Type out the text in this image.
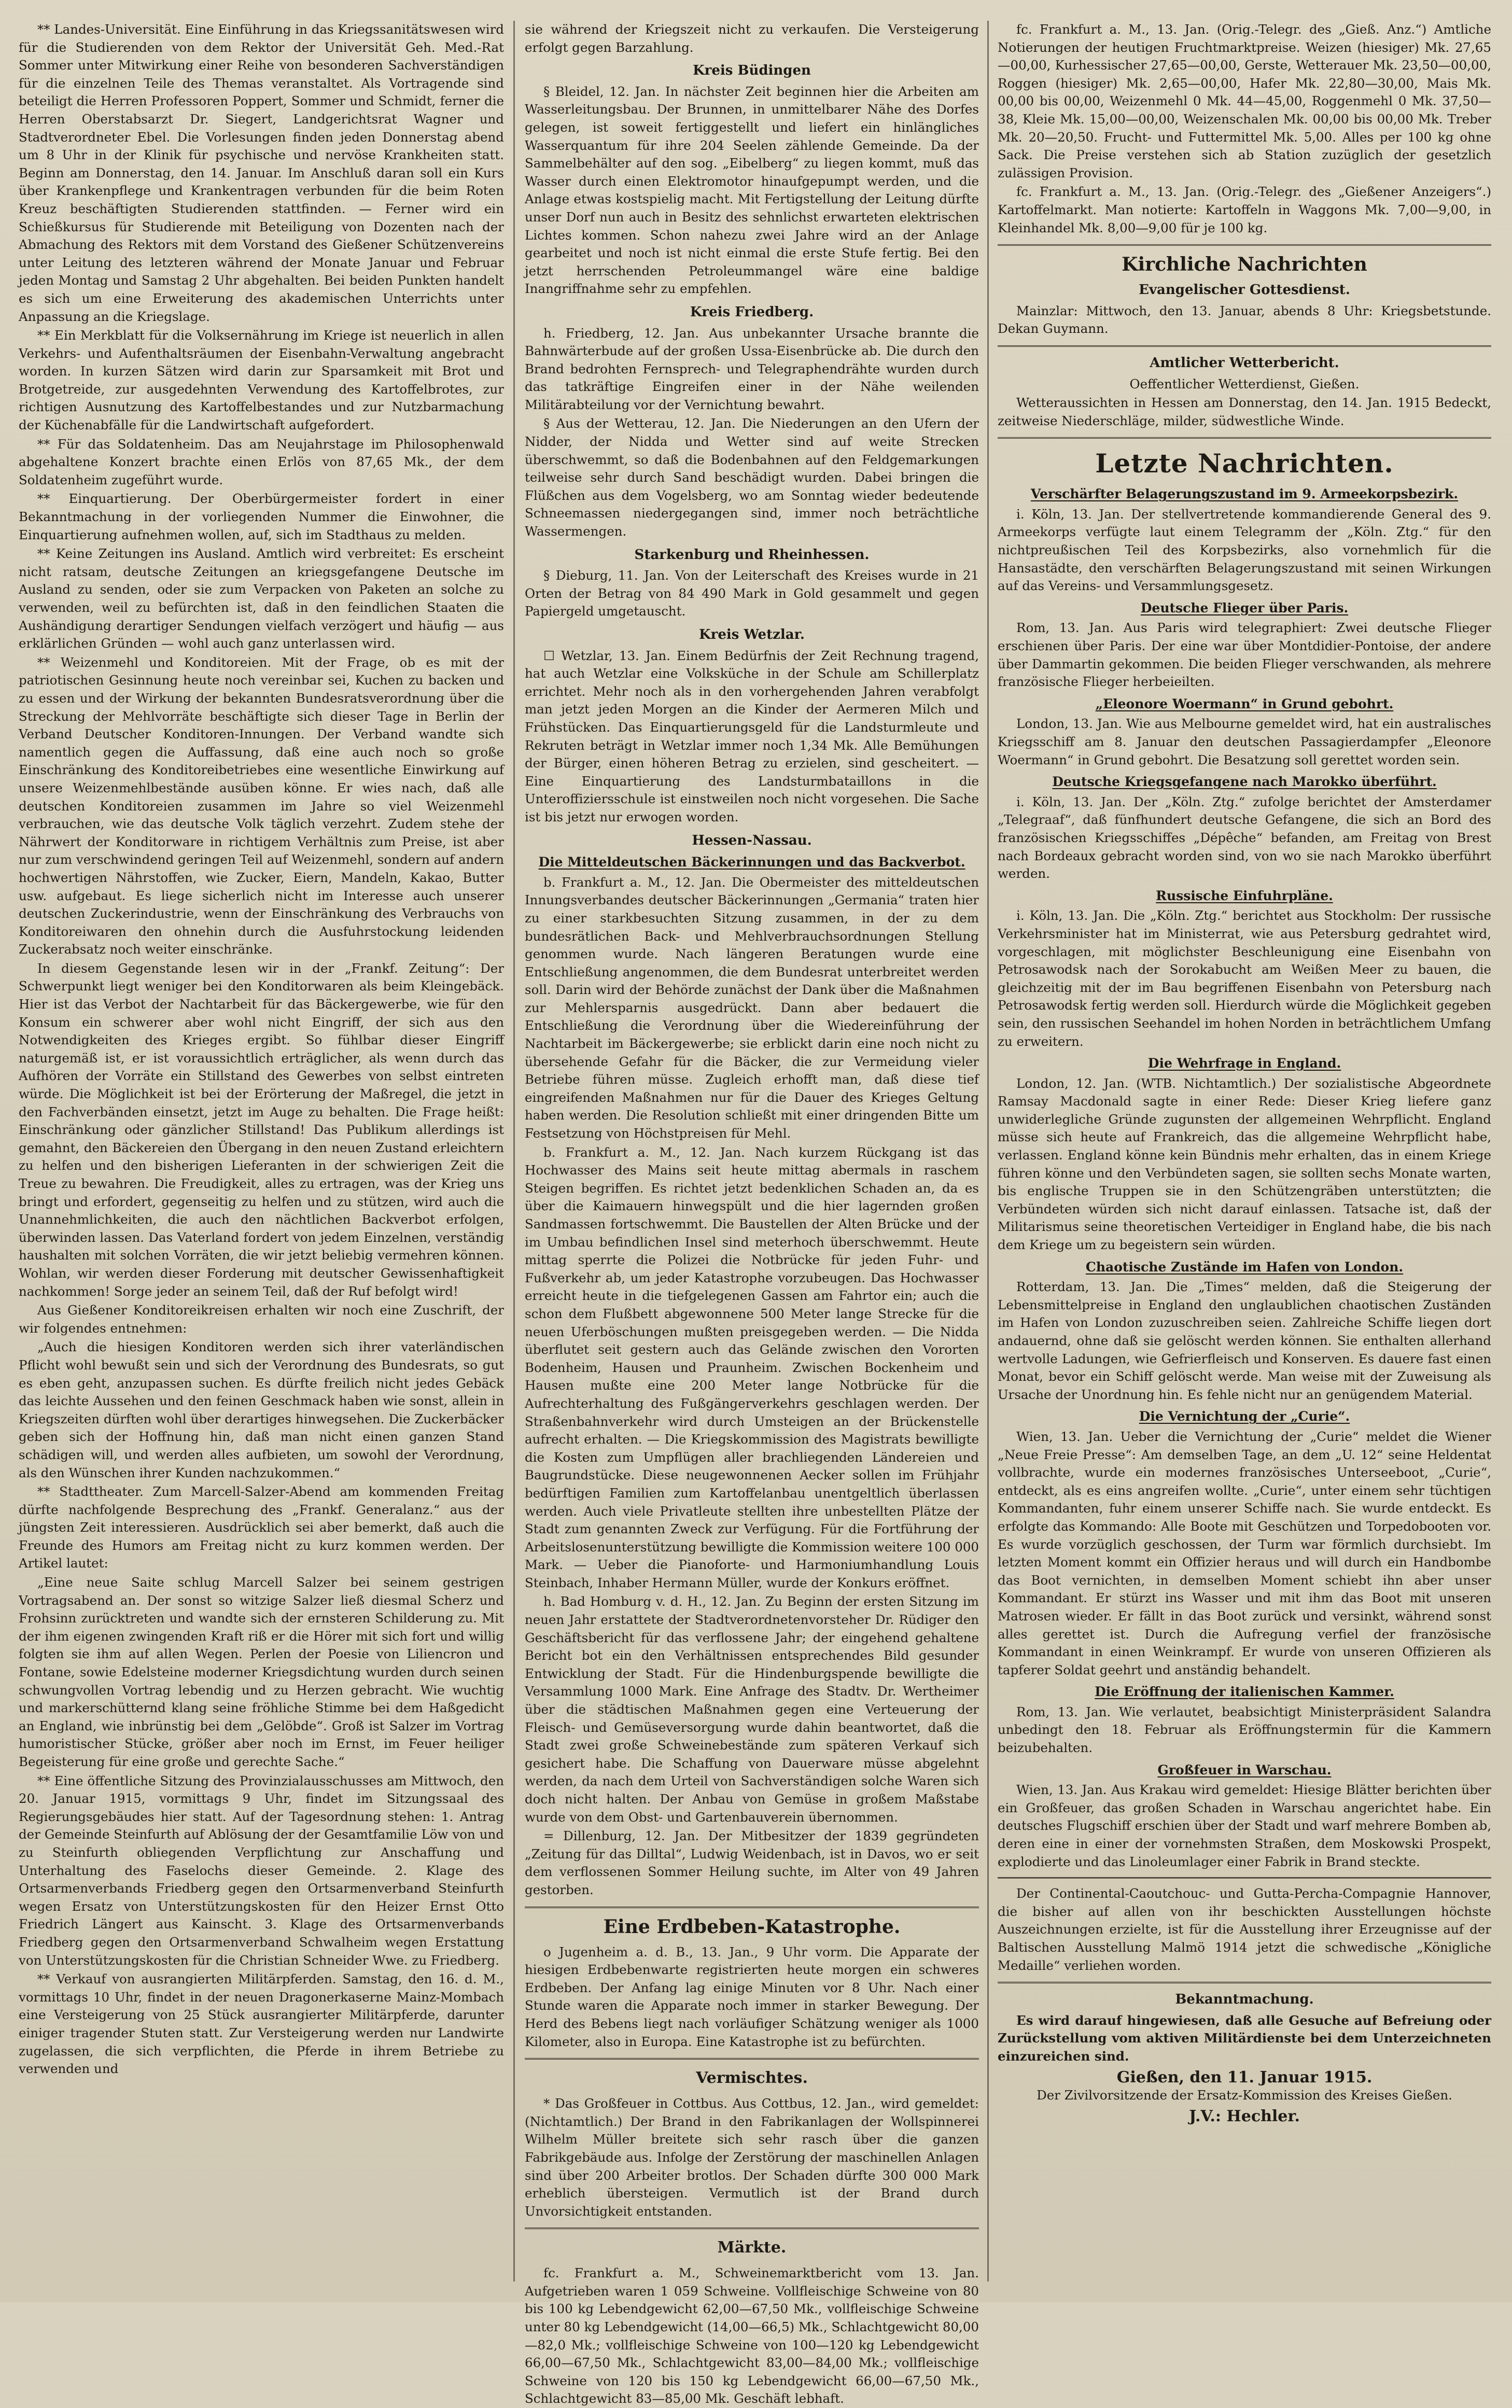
** Landes-Universität. Eine Einführung in das Kriegssanitätswesen wird für die Studierenden von dem Rektor der Universität Geh. Med.-Rat Sommer unter Mitwirkung einer Reihe von besonderen Sachverständigen für die einzelnen Teile des Themas veranstaltet. Als Vortragende sind beteiligt die Herren Professoren Poppert, Sommer und Schmidt, ferner die Herren Oberstabsarzt Dr. Siegert, Landgerichtsrat Wagner und Stadtverordneter Ebel. Die Vorlesungen finden jeden Donnerstag abend um 8 Uhr in der Klinik für psychische und nervöse Krankheiten statt. Beginn am Donnerstag, den 14. Januar. Im Anschluß daran soll ein Kurs über Krankenpflege und Krankentragen verbunden für die beim Roten Kreuz beschäftigten Studierenden stattfinden. — Ferner wird ein Schießkursus für Studierende mit Beteiligung von Dozenten nach der Abmachung des Rektors mit dem Vorstand des Gießener Schützenvereins unter Leitung des letzteren während der Monate Januar und Februar jeden Montag und Samstag 2 Uhr abgehalten. Bei beiden Punkten handelt es sich um eine Erweiterung des akademischen Unterrichts unter Anpassung an die Kriegslage.

** Ein Merkblatt für die Volksernährung im Kriege ist neuerlich in allen Verkehrs- und Aufenthaltsräumen der Eisenbahn-Verwaltung angebracht worden. In kurzen Sätzen wird darin zur Sparsamkeit mit Brot und Brotgetreide, zur ausgedehnten Verwendung des Kartoffelbrotes, zur richtigen Ausnutzung des Kartoffelbestandes und zur Nutzbarmachung der Küchenabfälle für die Landwirtschaft aufgefordert.

** Für das Soldatenheim. Das am Neujahrstage im Philosophenwald abgehaltene Konzert brachte einen Erlös von 87,65 Mk., der dem Soldatenheim zugeführt wurde.

** Einquartierung. Der Oberbürgermeister fordert in einer Bekanntmachung in der vorliegenden Nummer die Einwohner, die Einquartierung aufnehmen wollen, auf, sich im Stadthaus zu melden.

** Keine Zeitungen ins Ausland. Amtlich wird verbreitet: Es erscheint nicht ratsam, deutsche Zeitungen an kriegsgefangene Deutsche im Ausland zu senden, oder sie zum Verpacken von Paketen an solche zu verwenden, weil zu befürchten ist, daß in den feindlichen Staaten die Aushändigung derartiger Sendungen vielfach verzögert und häufig — aus erklärlichen Gründen — wohl auch ganz unterlassen wird.

** Weizenmehl und Konditoreien. Mit der Frage, ob es mit der patriotischen Gesinnung heute noch vereinbar sei, Kuchen zu backen und zu essen und der Wirkung der bekannten Bundesratsverordnung über die Streckung der Mehlvorräte beschäftigte sich dieser Tage in Berlin der Verband Deutscher Konditoren-Innungen. Der Verband wandte sich namentlich gegen die Auffassung, daß eine auch noch so große Einschränkung des Konditoreibetriebes eine wesentliche Einwirkung auf unsere Weizenmehlbestände ausüben könne. Er wies nach, daß alle deutschen Konditoreien zusammen im Jahre so viel Weizenmehl verbrauchen, wie das deutsche Volk täglich verzehrt. Zudem stehe der Nährwert der Konditorware in richtigem Verhältnis zum Preise, ist aber nur zum verschwindend geringen Teil auf Weizenmehl, sondern auf andern hochwertigen Nährstoffen, wie Zucker, Eiern, Mandeln, Kakao, Butter usw. aufgebaut. Es liege sicherlich nicht im Interesse auch unserer deutschen Zuckerindustrie, wenn der Einschränkung des Verbrauchs von Konditoreiwaren den ohnehin durch die Ausfuhrstockung leidenden Zuckerabsatz noch weiter einschränke.

In diesem Gegenstande lesen wir in der „Frankf. Zeitung“: Der Schwerpunkt liegt weniger bei den Konditorwaren als beim Kleingebäck. Hier ist das Verbot der Nachtarbeit für das Bäckergewerbe, wie für den Konsum ein schwerer aber wohl nicht Eingriff, der sich aus den Notwendigkeiten des Krieges ergibt. So fühlbar dieser Eingriff naturgemäß ist, er ist voraussichtlich erträglicher, als wenn durch das Aufhören der Vorräte ein Stillstand des Gewerbes von selbst eintreten würde. Die Möglichkeit ist bei der Erörterung der Maßregel, die jetzt in den Fachverbänden einsetzt, jetzt im Auge zu behalten. Die Frage heißt: Einschränkung oder gänzlicher Stillstand! Das Publikum allerdings ist gemahnt, den Bäckereien den Übergang in den neuen Zustand erleichtern zu helfen und den bisherigen Lieferanten in der schwierigen Zeit die Treue zu bewahren. Die Freudigkeit, alles zu ertragen, was der Krieg uns bringt und erfordert, gegenseitig zu helfen und zu stützen, wird auch die Unannehmlichkeiten, die auch den nächtlichen Backverbot erfolgen, überwinden lassen. Das Vaterland fordert von jedem Einzelnen, verständig haushalten mit solchen Vorräten, die wir jetzt beliebig vermehren können. Wohlan, wir werden dieser Forderung mit deutscher Gewissenhaftigkeit nachkommen! Sorge jeder an seinem Teil, daß der Ruf befolgt wird!

Aus Gießener Konditoreikreisen erhalten wir noch eine Zuschrift, der wir folgendes entnehmen:

„Auch die hiesigen Konditoren werden sich ihrer vaterländischen Pflicht wohl bewußt sein und sich der Verordnung des Bundesrats, so gut es eben geht, anzupassen suchen. Es dürfte freilich nicht jedes Gebäck das leichte Aussehen und den feinen Geschmack haben wie sonst, allein in Kriegszeiten dürften wohl über derartiges hinwegsehen. Die Zuckerbäcker geben sich der Hoffnung hin, daß man nicht einen ganzen Stand schädigen will, und werden alles aufbieten, um sowohl der Verordnung, als den Wünschen ihrer Kunden nachzukommen.“

** Stadttheater. Zum Marcell-Salzer-Abend am kommenden Freitag dürfte nachfolgende Besprechung des „Frankf. Generalanz.“ aus der jüngsten Zeit interessieren. Ausdrücklich sei aber bemerkt, daß auch die Freunde des Humors am Freitag nicht zu kurz kommen werden. Der Artikel lautet:

„Eine neue Saite schlug Marcell Salzer bei seinem gestrigen Vortragsabend an. Der sonst so witzige Salzer ließ diesmal Scherz und Frohsinn zurücktreten und wandte sich der ernsteren Schilderung zu. Mit der ihm eigenen zwingenden Kraft riß er die Hörer mit sich fort und willig folgten sie ihm auf allen Wegen. Perlen der Poesie von Liliencron und Fontane, sowie Edelsteine moderner Kriegsdichtung wurden durch seinen schwungvollen Vortrag lebendig und zu Herzen gebracht. Wie wuchtig und markerschütternd klang seine fröhliche Stimme bei dem Haßgedicht an England, wie inbrünstig bei dem „Gelöbde“. Groß ist Salzer im Vortrag humoristischer Stücke, größer aber noch im Ernst, im Feuer heiliger Begeisterung für eine große und gerechte Sache.“

** Eine öffentliche Sitzung des Provinzialausschusses am Mittwoch, den 20. Januar 1915, vormittags 9 Uhr, findet im Sitzungssaal des Regierungsgebäudes hier statt. Auf der Tagesordnung stehen: 1. Antrag der Gemeinde Steinfurth auf Ablösung der der Gesamtfamilie Löw von und zu Steinfurth obliegenden Verpflichtung zur Anschaffung und Unterhaltung des Faselochs dieser Gemeinde. 2. Klage des Ortsarmenverbands Friedberg gegen den Ortsarmenverband Steinfurth wegen Ersatz von Unterstützungskosten für den Heizer Ernst Otto Friedrich Längert aus Kainscht. 3. Klage des Ortsarmenverbands Friedberg gegen den Ortsarmenverband Schwalheim wegen Erstattung von Unterstützungskosten für die Christian Schneider Wwe. zu Friedberg.

** Verkauf von ausrangierten Militärpferden. Samstag, den 16. d. M., vormittags 10 Uhr, findet in der neuen Dragonerkaserne Mainz-Mombach eine Versteigerung von 25 Stück ausrangierter Militärpferde, darunter einiger tragender Stuten statt. Zur Versteigerung werden nur Landwirte zugelassen, die sich verpflichten, die Pferde in ihrem Betriebe zu verwenden und

sie während der Kriegszeit nicht zu verkaufen. Die Versteigerung erfolgt gegen Barzahlung.

Kreis Büdingen

§ Bleidel, 12. Jan. In nächster Zeit beginnen hier die Arbeiten am Wasserleitungsbau. Der Brunnen, in unmittelbarer Nähe des Dorfes gelegen, ist soweit fertiggestellt und liefert ein hinlängliches Wasserquantum für ihre 204 Seelen zählende Gemeinde. Da der Sammelbehälter auf den sog. „Eibelberg“ zu liegen kommt, muß das Wasser durch einen Elektromotor hinaufgepumpt werden, und die Anlage etwas kostspielig macht. Mit Fertigstellung der Leitung dürfte unser Dorf nun auch in Besitz des sehnlichst erwarteten elektrischen Lichtes kommen. Schon nahezu zwei Jahre wird an der Anlage gearbeitet und noch ist nicht einmal die erste Stufe fertig. Bei den jetzt herrschenden Petroleummangel wäre eine baldige Inangriffnahme sehr zu empfehlen.

Kreis Friedberg.

h. Friedberg, 12. Jan. Aus unbekannter Ursache brannte die Bahnwärterbude auf der großen Ussa-Eisenbrücke ab. Die durch den Brand bedrohten Fernsprech- und Telegraphendrähte wurden durch das tatkräftige Eingreifen einer in der Nähe weilenden Militärabteilung vor der Vernichtung bewahrt.

§ Aus der Wetterau, 12. Jan. Die Niederungen an den Ufern der Nidder, der Nidda und Wetter sind auf weite Strecken überschwemmt, so daß die Bodenbahnen auf den Feldgemarkungen teilweise sehr durch Sand beschädigt wurden. Dabei bringen die Flüßchen aus dem Vogelsberg, wo am Sonntag wieder bedeutende Schneemassen niedergegangen sind, immer noch beträchtliche Wassermengen.

Starkenburg und Rheinhessen.

§ Dieburg, 11. Jan. Von der Leiterschaft des Kreises wurde in 21 Orten der Betrag von 84 490 Mark in Gold gesammelt und gegen Papiergeld umgetauscht.

Kreis Wetzlar.

☐ Wetzlar, 13. Jan. Einem Bedürfnis der Zeit Rechnung tragend, hat auch Wetzlar eine Volksküche in der Schule am Schillerplatz errichtet. Mehr noch als in den vorhergehenden Jahren verabfolgt man jetzt jeden Morgen an die Kinder der Aermeren Milch und Frühstücken. Das Einquartierungsgeld für die Landsturmleute und Rekruten beträgt in Wetzlar immer noch 1,34 Mk. Alle Bemühungen der Bürger, einen höheren Betrag zu erzielen, sind gescheitert. — Eine Einquartierung des Landsturmbataillons in die Unteroffiziersschule ist einstweilen noch nicht vorgesehen. Die Sache ist bis jetzt nur erwogen worden.

Hessen-Nassau.
Die Mitteldeutschen Bäckerinnungen und das Backverbot.

b. Frankfurt a. M., 12. Jan. Die Obermeister des mitteldeutschen Innungsverbandes deutscher Bäckerinnungen „Germania“ traten hier zu einer starkbesuchten Sitzung zusammen, in der zu dem bundesrätlichen Back- und Mehlverbrauchsordnungen Stellung genommen wurde. Nach längeren Beratungen wurde eine Entschließung angenommen, die dem Bundesrat unterbreitet werden soll. Darin wird der Behörde zunächst der Dank über die Maßnahmen zur Mehlersparnis ausgedrückt. Dann aber bedauert die Entschließung die Verordnung über die Wiedereinführung der Nachtarbeit im Bäckergewerbe; sie erblickt darin eine noch nicht zu übersehende Gefahr für die Bäcker, die zur Vermeidung vieler Betriebe führen müsse. Zugleich erhofft man, daß diese tief eingreifenden Maßnahmen nur für die Dauer des Krieges Geltung haben werden. Die Resolution schließt mit einer dringenden Bitte um Festsetzung von Höchstpreisen für Mehl.

b. Frankfurt a. M., 12. Jan. Nach kurzem Rückgang ist das Hochwasser des Mains seit heute mittag abermals in raschem Steigen begriffen. Es richtet jetzt bedenklichen Schaden an, da es über die Kaimauern hinwegspült und die hier lagernden großen Sandmassen fortschwemmt. Die Baustellen der Alten Brücke und der im Umbau befindlichen Insel sind meterhoch überschwemmt. Heute mittag sperrte die Polizei die Notbrücke für jeden Fuhr- und Fußverkehr ab, um jeder Katastrophe vorzubeugen. Das Hochwasser erreicht heute in die tiefgelegenen Gassen am Fahrtor ein; auch die schon dem Flußbett abgewonnene 500 Meter lange Strecke für die neuen Uferböschungen mußten preisgegeben werden. — Die Nidda überflutet seit gestern auch das Gelände zwischen den Vororten Bodenheim, Hausen und Praunheim. Zwischen Bockenheim und Hausen mußte eine 200 Meter lange Notbrücke für die Aufrechterhaltung des Fußgängerverkehrs geschlagen werden. Der Straßenbahnverkehr wird durch Umsteigen an der Brückenstelle aufrecht erhalten. — Die Kriegskommission des Magistrats bewilligte die Kosten zum Umpflügen aller brachliegenden Ländereien und Baugrundstücke. Diese neugewonnenen Aecker sollen im Frühjahr bedürftigen Familien zum Kartoffelanbau unentgeltlich überlassen werden. Auch viele Privatleute stellten ihre unbestellten Plätze der Stadt zum genannten Zweck zur Verfügung. Für die Fortführung der Arbeitslosenunterstützung bewilligte die Kommission weitere 100 000 Mark. — Ueber die Pianoforte- und Harmoniumhandlung Louis Steinbach, Inhaber Hermann Müller, wurde der Konkurs eröffnet.

h. Bad Homburg v. d. H., 12. Jan. Zu Beginn der ersten Sitzung im neuen Jahr erstattete der Stadtverordnetenvorsteher Dr. Rüdiger den Geschäftsbericht für das verflossene Jahr; der eingehend gehaltene Bericht bot ein den Verhältnissen entsprechendes Bild gesunder Entwicklung der Stadt. Für die Hindenburgspende bewilligte die Versammlung 1000 Mark. Eine Anfrage des Stadtv. Dr. Wertheimer über die städtischen Maßnahmen gegen eine Verteuerung der Fleisch- und Gemüseversorgung wurde dahin beantwortet, daß die Stadt zwei große Schweinebestände zum späteren Verkauf sich gesichert habe. Die Schaffung von Dauerware müsse abgelehnt werden, da nach dem Urteil von Sachverständigen solche Waren sich doch nicht halten. Der Anbau von Gemüse in großem Maßstabe wurde von dem Obst- und Gartenbauverein übernommen.

= Dillenburg, 12. Jan. Der Mitbesitzer der 1839 gegründeten „Zeitung für das Dilltal“, Ludwig Weidenbach, ist in Davos, wo er seit dem verflossenen Sommer Heilung suchte, im Alter von 49 Jahren gestorben.

Eine Erdbeben-Katastrophe.

o Jugenheim a. d. B., 13. Jan., 9 Uhr vorm. Die Apparate der hiesigen Erdbebenwarte registrierten heute morgen ein schweres Erdbeben. Der Anfang lag einige Minuten vor 8 Uhr. Nach einer Stunde waren die Apparate noch immer in starker Bewegung. Der Herd des Bebens liegt nach vorläufiger Schätzung weniger als 1000 Kilometer, also in Europa. Eine Katastrophe ist zu befürchten.

Vermischtes.

* Das Großfeuer in Cottbus. Aus Cottbus, 12. Jan., wird gemeldet: (Nichtamtlich.) Der Brand in den Fabrikanlagen der Wollspinnerei Wilhelm Müller breitete sich sehr rasch über die ganzen Fabrikgebäude aus. Infolge der Zerstörung der maschinellen Anlagen sind über 200 Arbeiter brotlos. Der Schaden dürfte 300 000 Mark erheblich übersteigen. Vermutlich ist der Brand durch Unvorsichtigkeit entstanden.

Märkte.

fc. Frankfurt a. M., Schweinemarktbericht vom 13. Jan. Aufgetrieben waren 1 059 Schweine. Vollfleischige Schweine von 80 bis 100 kg Lebendgewicht 62,00—67,50 Mk., vollfleischige Schweine unter 80 kg Lebendgewicht (14,00—66,5) Mk., Schlachtgewicht 80,00—82,0 Mk.; vollfleischige Schweine von 100—120 kg Lebendgewicht 66,00—67,50 Mk., Schlachtgewicht 83,00—84,00 Mk.; vollfleischige Schweine von 120 bis 150 kg Lebendgewicht 66,00—67,50 Mk., Schlachtgewicht 83—85,00 Mk. Geschäft lebhaft.

fc. Frankfurt a. M., 13. Jan. (Orig.-Telegr. des „Gieß. Anz.“) Amtliche Notierungen der heutigen Fruchtmarktpreise. Weizen (hiesiger) Mk. 27,65—00,00, Kurhessischer 27,65—00,00, Gerste, Wetterauer Mk. 23,50—00,00, Roggen (hiesiger) Mk. 2,65—00,00, Hafer Mk. 22,80—30,00, Mais Mk. 00,00 bis 00,00, Weizenmehl 0 Mk. 44—45,00, Roggenmehl 0 Mk. 37,50—38, Kleie Mk. 15,00—00,00, Weizenschalen Mk. 00,00 bis 00,00 Mk. Treber Mk. 20—20,50. Frucht- und Futtermittel Mk. 5,00. Alles per 100 kg ohne Sack. Die Preise verstehen sich ab Station zuzüglich der gesetzlich zulässigen Provision.

fc. Frankfurt a. M., 13. Jan. (Orig.-Telegr. des „Gießener Anzeigers“.) Kartoffelmarkt. Man notierte: Kartoffeln in Waggons Mk. 7,00—9,00, in Kleinhandel Mk. 8,00—9,00 für je 100 kg.

Kirchliche Nachrichten
Evangelischer Gottesdienst.

Mainzlar: Mittwoch, den 13. Januar, abends 8 Uhr: Kriegsbetstunde. Dekan Guymann.

Amtlicher Wetterbericht.

Oeffentlicher Wetterdienst, Gießen.

Wetteraussichten in Hessen am Donnerstag, den 14. Jan. 1915 Bedeckt, zeitweise Niederschläge, milder, südwestliche Winde.

Letzte Nachrichten.
Verschärfter Belagerungszustand im 9. Armeekorpsbezirk.

i. Köln, 13. Jan. Der stellvertretende kommandierende General des 9. Armeekorps verfügte laut einem Telegramm der „Köln. Ztg.“ für den nichtpreußischen Teil des Korpsbezirks, also vornehmlich für die Hansastädte, den verschärften Belagerungszustand mit seinen Wirkungen auf das Vereins- und Versammlungsgesetz.

Deutsche Flieger über Paris.

Rom, 13. Jan. Aus Paris wird telegraphiert: Zwei deutsche Flieger erschienen über Paris. Der eine war über Montdidier-Pontoise, der andere über Dammartin gekommen. Die beiden Flieger verschwanden, als mehrere französische Flieger herbeieilten.

„Eleonore Woermann“ in Grund gebohrt.

London, 13. Jan. Wie aus Melbourne gemeldet wird, hat ein australisches Kriegsschiff am 8. Januar den deutschen Passagierdampfer „Eleonore Woermann“ in Grund gebohrt. Die Besatzung soll gerettet worden sein.

Deutsche Kriegsgefangene nach Marokko überführt.

i. Köln, 13. Jan. Der „Köln. Ztg.“ zufolge berichtet der Amsterdamer „Telegraaf“, daß fünfhundert deutsche Gefangene, die sich an Bord des französischen Kriegsschiffes „Dépêche“ befanden, am Freitag von Brest nach Bordeaux gebracht worden sind, von wo sie nach Marokko überführt werden.

Russische Einfuhrpläne.

i. Köln, 13. Jan. Die „Köln. Ztg.“ berichtet aus Stockholm: Der russische Verkehrsminister hat im Ministerrat, wie aus Petersburg gedrahtet wird, vorgeschlagen, mit möglichster Beschleunigung eine Eisenbahn von Petrosawodsk nach der Sorokabucht am Weißen Meer zu bauen, die gleichzeitig mit der im Bau begriffenen Eisenbahn von Petersburg nach Petrosawodsk fertig werden soll. Hierdurch würde die Möglichkeit gegeben sein, den russischen Seehandel im hohen Norden in beträchtlichem Umfang zu erweitern.

Die Wehrfrage in England.

London, 12. Jan. (WTB. Nichtamtlich.) Der sozialistische Abgeordnete Ramsay Macdonald sagte in einer Rede: Dieser Krieg liefere ganz unwiderlegliche Gründe zugunsten der allgemeinen Wehrpflicht. England müsse sich heute auf Frankreich, das die allgemeine Wehrpflicht habe, verlassen. England könne kein Bündnis mehr erhalten, das in einem Kriege führen könne und den Verbündeten sagen, sie sollten sechs Monate warten, bis englische Truppen sie in den Schützengräben unterstützten; die Verbündeten würden sich nicht darauf einlassen. Tatsache ist, daß der Militarismus seine theoretischen Verteidiger in England habe, die bis nach dem Kriege um zu begeistern sein würden.

Chaotische Zustände im Hafen von London.

Rotterdam, 13. Jan. Die „Times“ melden, daß die Steigerung der Lebensmittelpreise in England den unglaublichen chaotischen Zuständen im Hafen von London zuzuschreiben seien. Zahlreiche Schiffe liegen dort andauernd, ohne daß sie gelöscht werden können. Sie enthalten allerhand wertvolle Ladungen, wie Gefrierfleisch und Konserven. Es dauere fast einen Monat, bevor ein Schiff gelöscht werde. Man weise mit der Zuweisung als Ursache der Unordnung hin. Es fehle nicht nur an genügendem Material.

Die Vernichtung der „Curie“.

Wien, 13. Jan. Ueber die Vernichtung der „Curie“ meldet die Wiener „Neue Freie Presse“: Am demselben Tage, an dem „U. 12“ seine Heldentat vollbrachte, wurde ein modernes französisches Unterseeboot, „Curie“, entdeckt, als es eins angreifen wollte. „Curie“, unter einem sehr tüchtigen Kommandanten, fuhr einem unserer Schiffe nach. Sie wurde entdeckt. Es erfolgte das Kommando: Alle Boote mit Geschützen und Torpedobooten vor. Es wurde vorzüglich geschossen, der Turm war förmlich durchsiebt. Im letzten Moment kommt ein Offizier heraus und will durch ein Handbombe das Boot vernichten, in demselben Moment schiebt ihn aber unser Kommandant. Er stürzt ins Wasser und mit ihm das Boot mit unseren Matrosen wieder. Er fällt in das Boot zurück und versinkt, während sonst alles gerettet ist. Durch die Aufregung verfiel der französische Kommandant in einen Weinkrampf. Er wurde von unseren Offizieren als tapferer Soldat geehrt und anständig behandelt.

Die Eröffnung der italienischen Kammer.

Rom, 13. Jan. Wie verlautet, beabsichtigt Ministerpräsident Salandra unbedingt den 18. Februar als Eröffnungstermin für die Kammern beizubehalten.

Großfeuer in Warschau.

Wien, 13. Jan. Aus Krakau wird gemeldet: Hiesige Blätter berichten über ein Großfeuer, das großen Schaden in Warschau angerichtet habe. Ein deutsches Flugschiff erschien über der Stadt und warf mehrere Bomben ab, deren eine in einer der vornehmsten Straßen, dem Moskowski Prospekt, explodierte und das Linoleumlager einer Fabrik in Brand steckte.

Der Continental-Caoutchouc- und Gutta-Percha-Compagnie Hannover, die bisher auf allen von ihr beschickten Ausstellungen höchste Auszeichnungen erzielte, ist für die Ausstellung ihrer Erzeugnisse auf der Baltischen Ausstellung Malmö 1914 jetzt die schwedische „Königliche Medaille“ verliehen worden.

Bekanntmachung.

Es wird darauf hingewiesen, daß alle Gesuche auf Befreiung oder Zurückstellung vom aktiven Militärdienste bei dem Unterzeichneten einzureichen sind.

Gießen, den 11. Januar 1915.

Der Zivilvorsitzende der Ersatz-Kommission des Kreises Gießen.

J.V.: Hechler.
